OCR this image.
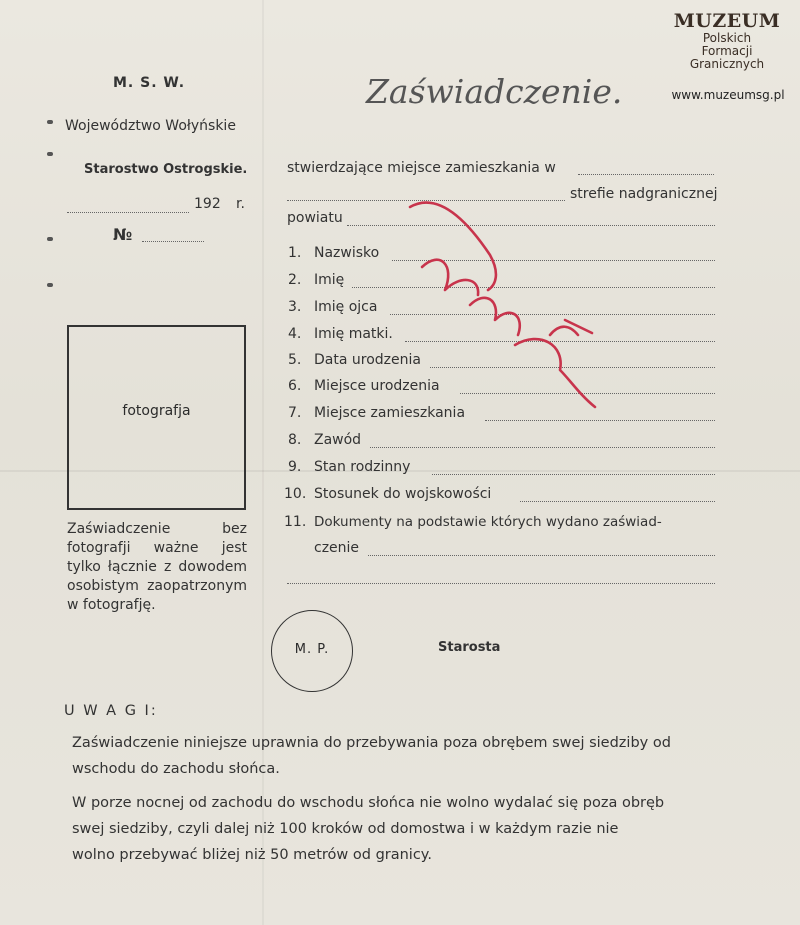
MUZEUM
Polskich
Formacji
Granicznych
www.muzeumsg.pl
M. S. W.
Województwo Wołyńskie
Starostwo Ostrogskie.
192 r.
№
Zaświadczenie.
stwierdzające miejsce zamieszkania w
strefie nadgranicznej
powiatu
1. Nazwisko
2. Imię
3. Imię ojca
4. Imię matki.
5. Data urodzenia
6. Miejsce urodzenia
7. Miejsce zamieszkania
8. Zawód
9. Stan rodzinny
10. Stosunek do wojskowości
11. Dokumenty na podstawie których wydano zaświad-
czenie
fotografja
Zaświadczenie bez fotografji ważne jest tylko łącznie z dowodem osobistym zaopatrzonym w fotografję.
M. P.	Starosta
U W A G I:
Zaświadczenie niniejsze uprawnia do przebywania poza obrębem swej siedziby od
wschodu do zachodu słońca.
W porze nocnej od zachodu do wschodu słońca nie wolno wydalać się poza obręb
swej siedziby, czyli dalej niż 100 kroków od domostwa i w każdym razie nie
wolno przebywać bliżej niż 50 metrów od granicy.
